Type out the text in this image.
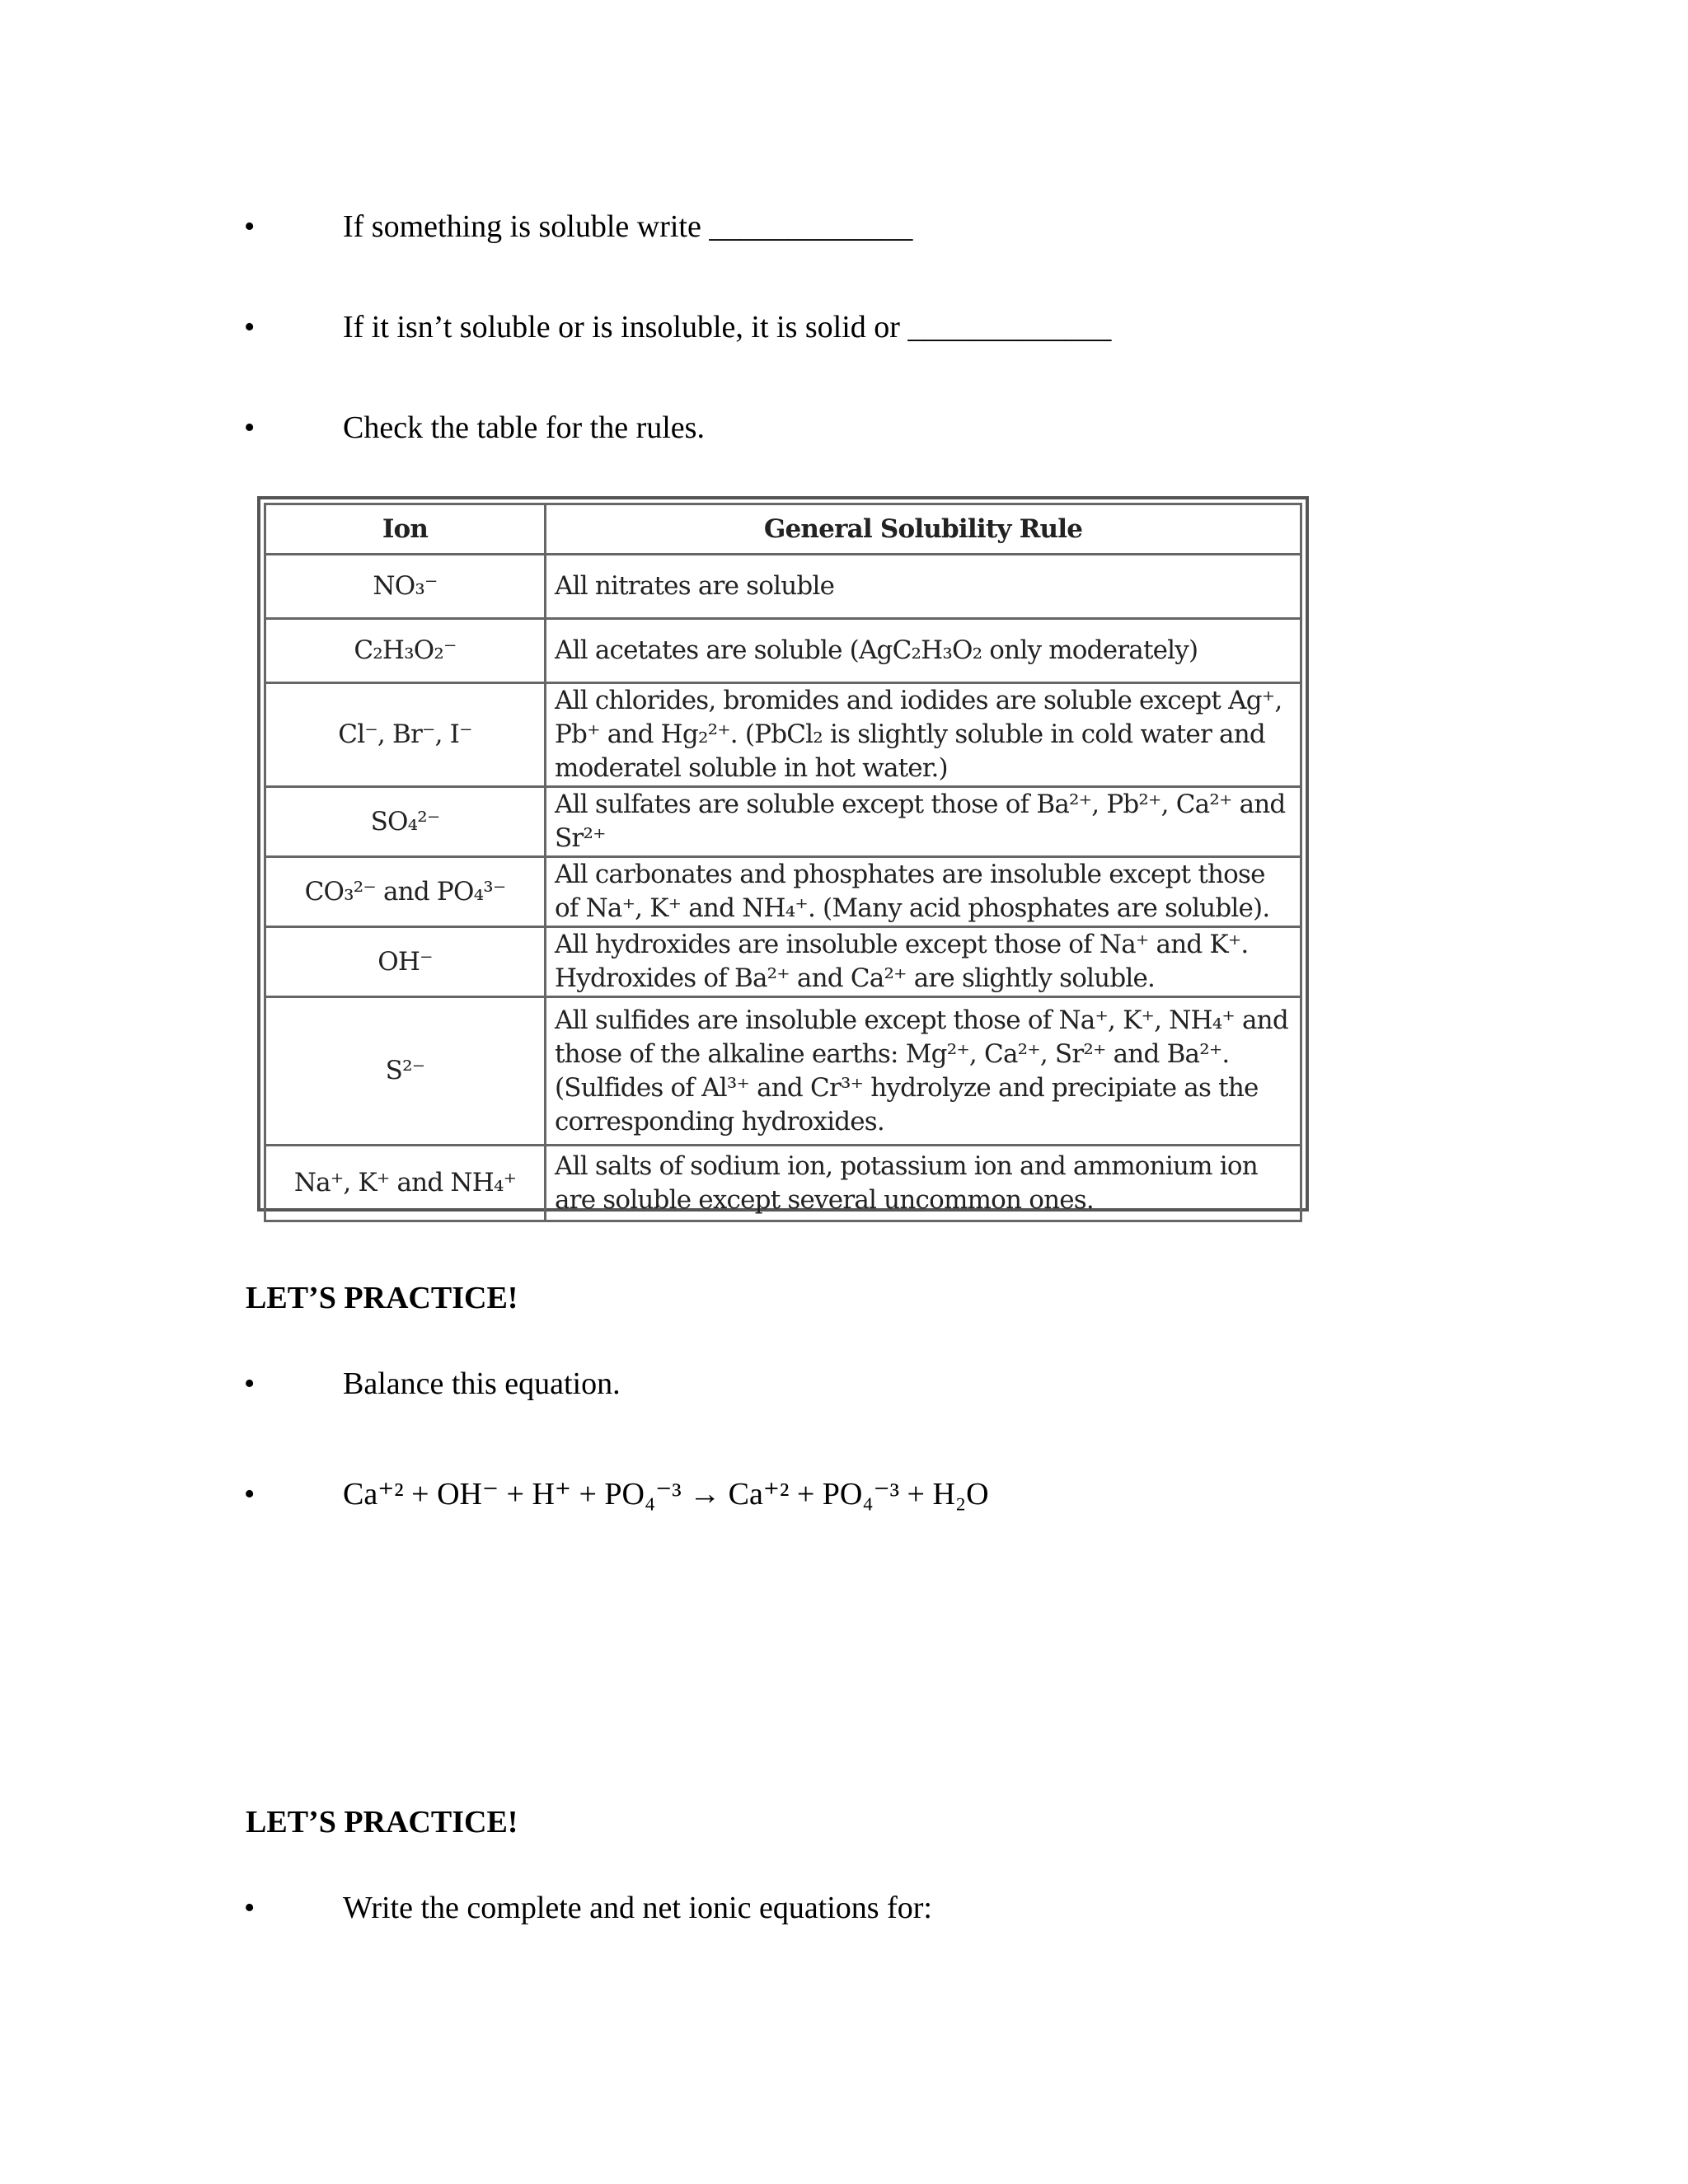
•	If something is soluble write _____________
•	If it isn’t soluble or is insoluble, it is solid or _____________
•	Check the table for the rules.
Ion	General Solubility Rule
NO₃⁻	All nitrates are soluble
C₂H₃O₂⁻	All acetates are soluble (AgC₂H₃O₂ only moderately)
Cl⁻, Br⁻, I⁻	All chlorides, bromides and iodides are soluble except Ag⁺, Pb⁺ and Hg₂²⁺. (PbCl₂ is slightly soluble in cold water and moderatel soluble in hot water.)
SO₄²⁻	All sulfates are soluble except those of Ba²⁺, Pb²⁺, Ca²⁺ and Sr²⁺
CO₃²⁻ and PO₄³⁻	All carbonates and phosphates are insoluble except those of Na⁺, K⁺ and NH₄⁺. (Many acid phosphates are soluble).
OH⁻	All hydroxides are insoluble except those of Na⁺ and K⁺. Hydroxides of Ba²⁺ and Ca²⁺ are slightly soluble.
S²⁻	All sulfides are insoluble except those of Na⁺, K⁺, NH₄⁺ and those of the alkaline earths: Mg²⁺, Ca²⁺, Sr²⁺ and Ba²⁺. (Sulfides of Al³⁺ and Cr³⁺ hydrolyze and precipiate as the corresponding hydroxides.
Na⁺, K⁺ and NH₄⁺	All salts of sodium ion, potassium ion and ammonium ion are soluble except several uncommon ones.
LET’S PRACTICE!
•	Balance this equation.
•	Ca⁺² + OH⁻ + H⁺ + PO₄⁻³ → Ca⁺² + PO₄⁻³ + H₂O
LET’S PRACTICE!
•	Write the complete and net ionic equations for:
